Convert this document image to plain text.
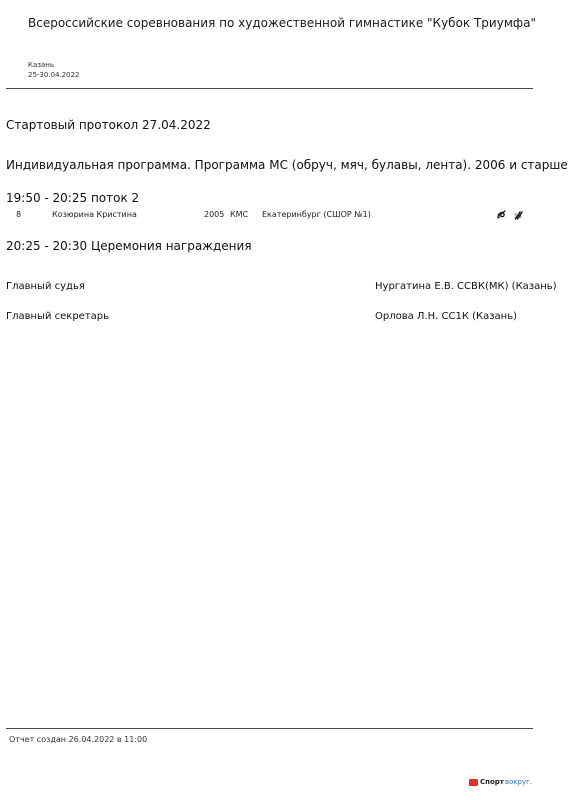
Всероссийские соревнования по художественной гимнастике "Кубок Триумфа"
Казань
25-30.04.2022
Стартовый протокол 27.04.2022
Индивидуальная программа. Программа МС (обруч, мяч, булавы, лента). 2006 и старше
19:50 - 20:25 поток 2
8	Козюрина Кристина	2005 КМС Екатеринбург (СШОР №1)	8 16
20:25 - 20:30 Церемония награждения
Главный судья	Нургатина Е.В. ССВК(МК) (Казань)
Главный секретарь	Орлова Л.Н. СС1К (Казань)
Отчет создан 26.04.2022 в 11:00
Спорт вокруг.
